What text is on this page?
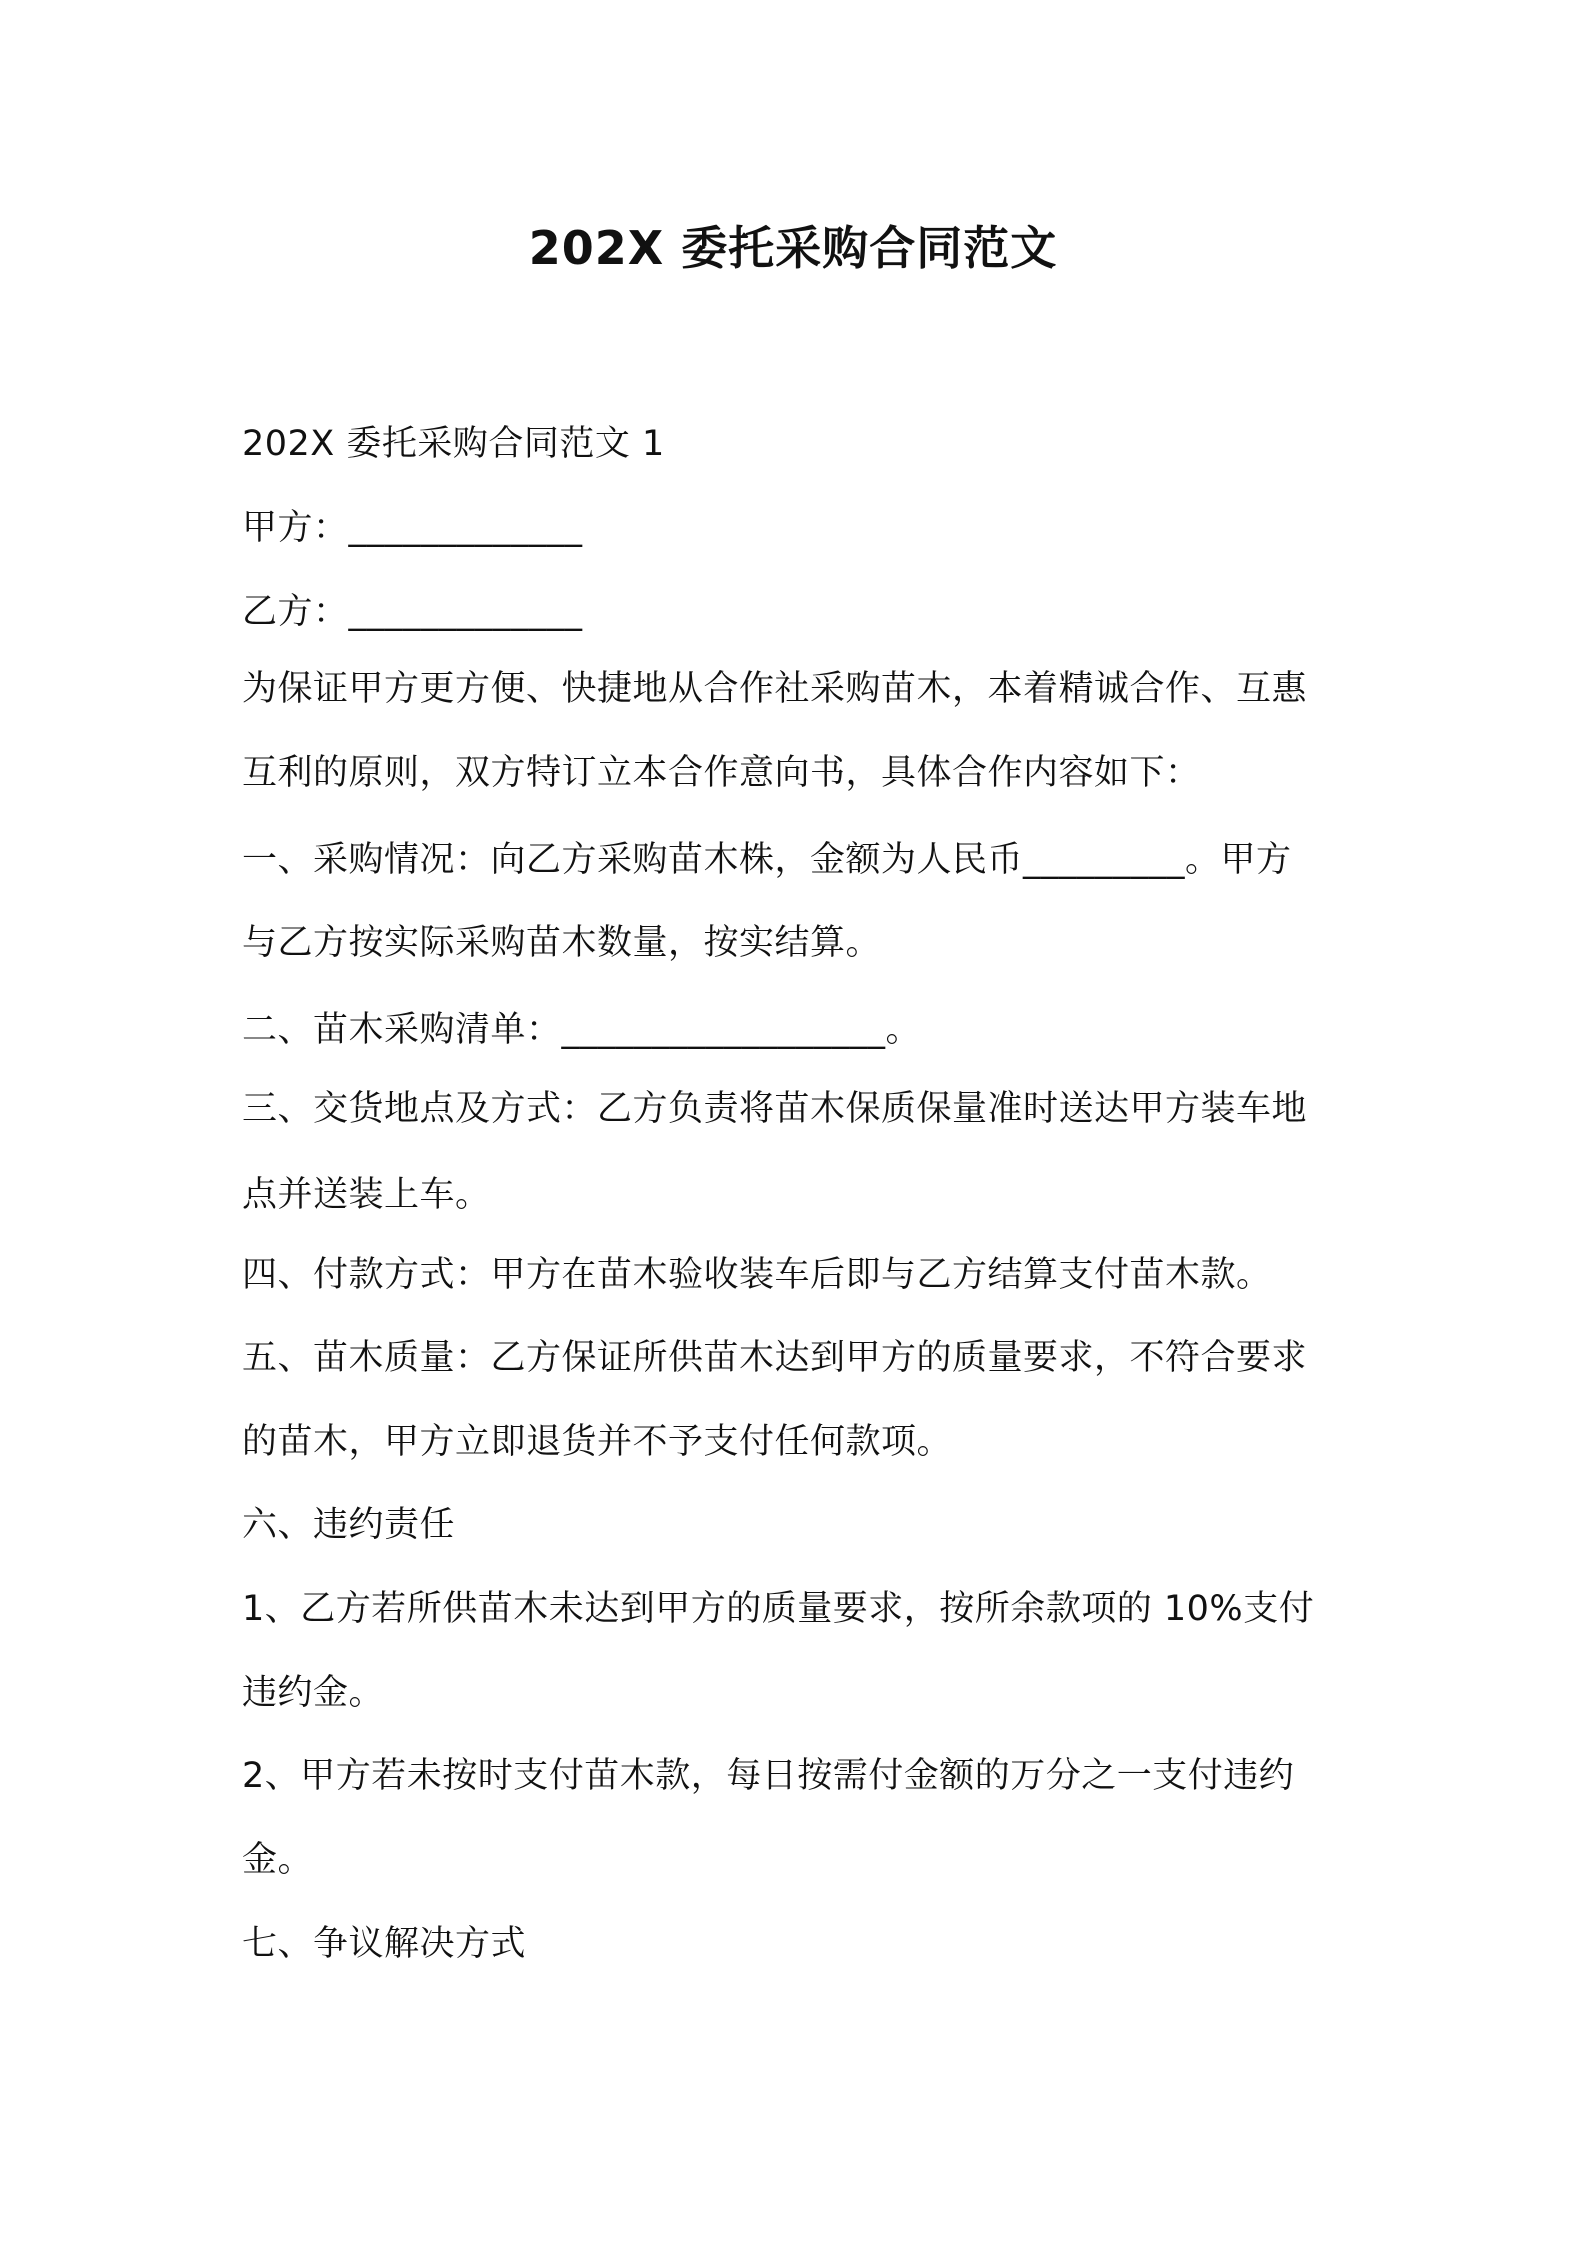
202X 委托采购合同范文
202X 委托采购合同范文 1
甲方：_____________
乙方：_____________
为保证甲方更方便、快捷地从合作社采购苗木，本着精诚合作、互惠
互利的原则，双方特订立本合作意向书，具体合作内容如下：
一、采购情况：向乙方采购苗木株，金额为人民币_________。甲方
与乙方按实际采购苗木数量，按实结算。
二、苗木采购清单：__________________。
三、交货地点及方式：乙方负责将苗木保质保量准时送达甲方装车地
点并送装上车。
四、付款方式：甲方在苗木验收装车后即与乙方结算支付苗木款。
五、苗木质量：乙方保证所供苗木达到甲方的质量要求，不符合要求
的苗木，甲方立即退货并不予支付任何款项。
六、违约责任
1、乙方若所供苗木未达到甲方的质量要求，按所余款项的 10%支付
违约金。
2、甲方若未按时支付苗木款，每日按需付金额的万分之一支付违约
金。
七、争议解决方式
